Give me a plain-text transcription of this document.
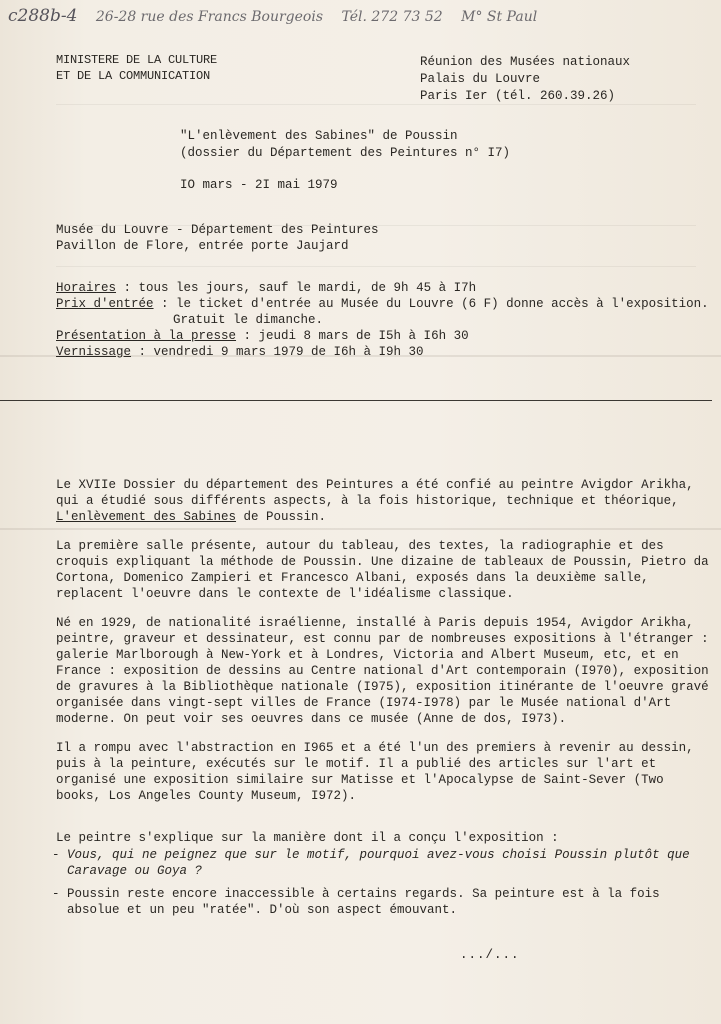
c288b-4 26-28 rue des Francs Bourgeois Tél. 272 73 52 M° St Paul
MINISTERE DE LA CULTURE
ET DE LA COMMUNICATION
Réunion des Musées nationaux
Palais du Louvre
Paris Ier (tél. 260.39.26)
"L'enlèvement des Sabines" de Poussin
(dossier du Département des Peintures n° I7)
IO mars - 2I mai 1979
Musée du Louvre - Département des Peintures
Pavillon de Flore, entrée porte Jaujard
Horaires : tous les jours, sauf le mardi, de 9h 45 à I7h
Prix d'entrée : le ticket d'entrée au Musée du Louvre (6 F) donne accès à l'exposition.
Gratuit le dimanche.
Présentation à la presse : jeudi 8 mars de I5h à I6h 30
Vernissage : vendredi 9 mars 1979 de I6h à I9h 30

Le XVIIe Dossier du département des Peintures a été confié au peintre Avigdor Arikha, qui a étudié sous différents aspects, à la fois historique, technique et théorique,
L'enlèvement des Sabines de Poussin.

La première salle présente, autour du tableau, des textes, la radiographie et des croquis expliquant la méthode de Poussin. Une dizaine de tableaux de Poussin, Pietro da Cortona, Domenico Zampieri et Francesco Albani, exposés dans la deuxième salle, replacent l'oeuvre dans le contexte de l'idéalisme classique.

Né en 1929, de nationalité israélienne, installé à Paris depuis 1954, Avigdor Arikha, peintre, graveur et dessinateur, est connu par de nombreuses expositions à l'étranger : galerie Marlborough à New-York et à Londres, Victoria and Albert Museum, etc, et en France : exposition de dessins au Centre national d'Art contemporain (I970), exposition de gravures à la Bibliothèque nationale (I975), exposition itinérante de l'oeuvre gravé organisée dans vingt-sept villes de France (I974-I978) par le Musée national d'Art moderne. On peut voir ses oeuvres dans ce musée (Anne de dos, I973).

Il a rompu avec l'abstraction en I965 et a été l'un des premiers à revenir au dessin, puis à la peinture, exécutés sur le motif. Il a publié des articles sur l'art et organisé une exposition similaire sur Matisse et l'Apocalypse de Saint-Sever (Two books, Los Angeles County Museum, I972).

Le peintre s'explique sur la manière dont il a conçu l'exposition :

- Vous, qui ne peignez que sur le motif, pourquoi avez-vous choisi Poussin plutôt que Caravage ou Goya ?
- Poussin reste encore inaccessible à certains regards. Sa peinture est à la fois absolue et un peu "ratée". D'où son aspect émouvant.
.../...
